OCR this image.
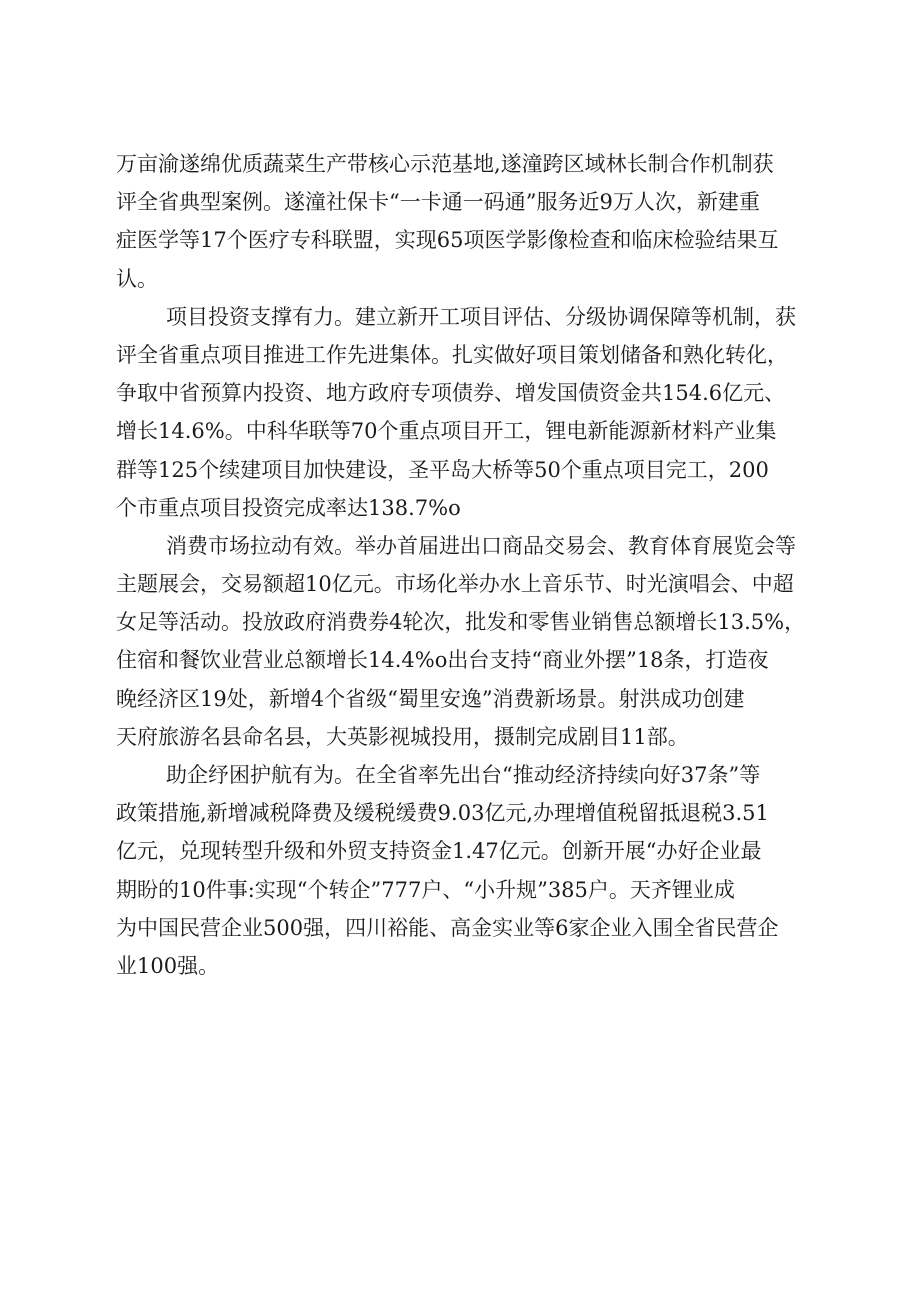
万亩渝遂绵优质蔬菜生产带核心示范基地,遂潼跨区域林长制合作机制获
评全省典型案例。遂潼社保卡“一卡通一码通”服务近9万人次，新建重
症医学等17个医疗专科联盟，实现65项医学影像检查和临床检验结果互
认。
项目投资支撑有力。建立新开工项目评估、分级协调保障等机制，获
评全省重点项目推进工作先进集体。扎实做好项目策划储备和熟化转化，
争取中省预算内投资、地方政府专项债券、增发国债资金共154.6亿元、
增长14.6%。中科华联等70个重点项目开工，锂电新能源新材料产业集
群等125个续建项目加快建设，圣平岛大桥等50个重点项目完工，200
个市重点项目投资完成率达138.7%o
消费市场拉动有效。举办首届进出口商品交易会、教育体育展览会等
主题展会，交易额超10亿元。市场化举办水上音乐节、时光演唱会、中超
女足等活动。投放政府消费券4轮次，批发和零售业销售总额增长13.5%，
住宿和餐饮业营业总额增长14.4%o出台支持“商业外摆”18条，打造夜
晚经济区19处，新增4个省级“蜀里安逸”消费新场景。射洪成功创建
天府旅游名县命名县，大英影视城投用，摄制完成剧目11部。
助企纾困护航有为。在全省率先出台“推动经济持续向好37条”等
政策措施,新增减税降费及缓税缓费9.03亿元,办理增值税留抵退税3.51
亿元，兑现转型升级和外贸支持资金1.47亿元。创新开展“办好企业最
期盼的10件事:实现“个转企”777户、“小升规”385户。天齐锂业成
为中国民营企业500强，四川裕能、高金实业等6家企业入围全省民营企
业100强。
